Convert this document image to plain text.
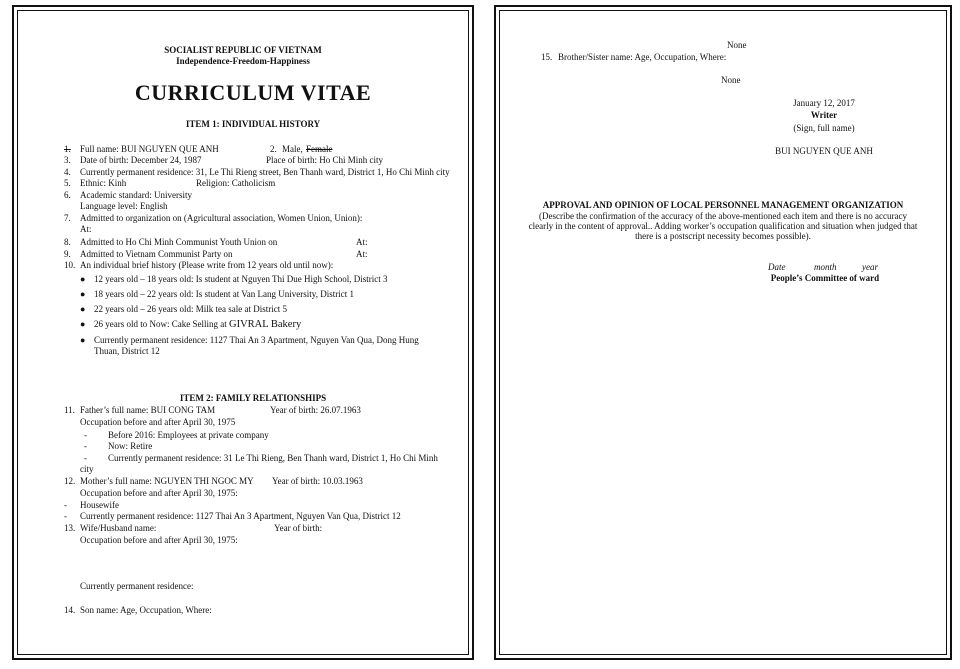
SOCIALIST REPUBLIC OF VIETNAM
Independence-Freedom-Happiness
CURRICULUM VITAE
ITEM 1: INDIVIDUAL HISTORY
1. Full name: BUI NGUYEN QUE ANH	2. Male, Female
3. Date of birth: December 24, 1987	Place of birth: Ho Chi Minh city
4. Currently permanent residence: 31, Le Thi Rieng street, Ben Thanh ward, District 1, Ho Chi Minh city
5. Ethnic: Kinh	Religion: Catholicism
6. Academic standard: University
Language level: English
7. Admitted to organization on (Agricultural association, Women Union, Union):
At:
8. Admitted to Ho Chi Minh Communist Youth Union on	At:
9. Admitted to Vietnam Communist Party on	At:
10. An individual brief history (Please write from 12 years old until now):
● 12 years old – 18 years old: Is student at Nguyen Thi Due High School, District 3
● 18 years old – 22 years old: Is student at Van Lang University, District 1
● 22 years old – 26 years old: Milk tea sale at District 5
● 26 years old to Now: Cake Selling at GIVRAL Bakery
● Currently permanent residence: 1127 Thai An 3 Apartment, Nguyen Van Qua, Dong Hung
Thuan, District 12
ITEM 2: FAMILY RELATIONSHIPS
11. Father’s full name: BUI CONG TAM	Year of birth: 26.07.1963
Occupation before and after April 30, 1975
- Before 2016: Employees at private company
- Now: Retire
- Currently permanent residence: 31 Le Thi Rieng, Ben Thanh ward, District 1, Ho Chi Minh
city
12. Mother’s full name: NGUYEN THI NGOC MY Year of birth: 10.03.1963
Occupation before and after April 30, 1975:
- Housewife
- Currently permanent residence: 1127 Thai An 3 Apartment, Nguyen Van Qua, District 12
13. Wife/Husband name:	Year of birth:
Occupation before and after April 30, 1975:
Currently permanent residence:
14. Son name: Age, Occupation, Where:
None
15. Brother/Sister name: Age, Occupation, Where:
None
January 12, 2017
Writer
(Sign, full name)
BUI NGUYEN QUE ANH
APPROVAL AND OPINION OF LOCAL PERSONNEL MANAGEMENT ORGANIZATION
(Describe the confirmation of the accuracy of the above-mentioned each item and there is no accuracy
clearly in the content of approval.. Adding worker’s occupation qualification and situation when judged that
there is a postscript necessity becomes possible).
Date	month	year
People’s Committee of ward
